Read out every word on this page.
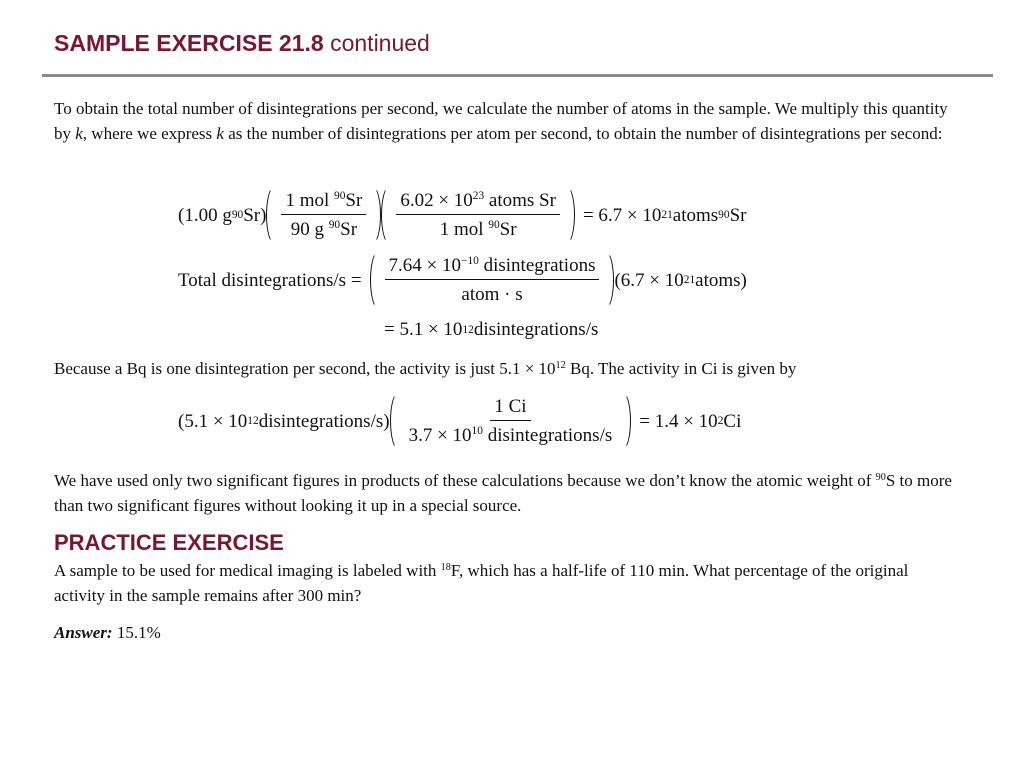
SAMPLE EXERCISE 21.8 continued

To obtain the total number of disintegrations per second, we calculate the number of atoms in the sample. We multiply this quantity by k, where we express k as the number of disintegrations per atom per second, to obtain the number of disintegrations per second:

(1.00 g 90 $Sr) \frac{1 mol ^{90}Sr}{90 g ^{90}Sr} \frac{6.02 \times 10^{23} atoms Sr}{1 mol ^{90}Sr} = 6.7 \times 10$ 21 atoms 90 Sr
Total disintegrations/s = $\frac{7.64 \times 10^{-10} disintegrations}{\text{atom · s}} (6.7 \times 10$ 21 atoms)
= 5.1 × 10 12 disintegrations/s

Because a Bq is one disintegration per second, the activity is just $5.1 \times 10^{12}$ Bq. The activity in Ci is given by

(5.1 × 10 12 disintegrations/s) $\frac{1 Ci}{3.7 \times 10^{10} disintegrations/s} = 1.4 \times 10$ 2 Ci

We have used only two significant figures in products of these calculations because we don’t know the atomic weight of $^{90}$S to more than two significant figures without looking it up in a special source.

PRACTICE EXERCISE

A sample to be used for medical imaging is labeled with $^{18}$F, which has a half-life of 110 min. What percentage of the original activity in the sample remains after 300 min?

Answer: 15.1%
